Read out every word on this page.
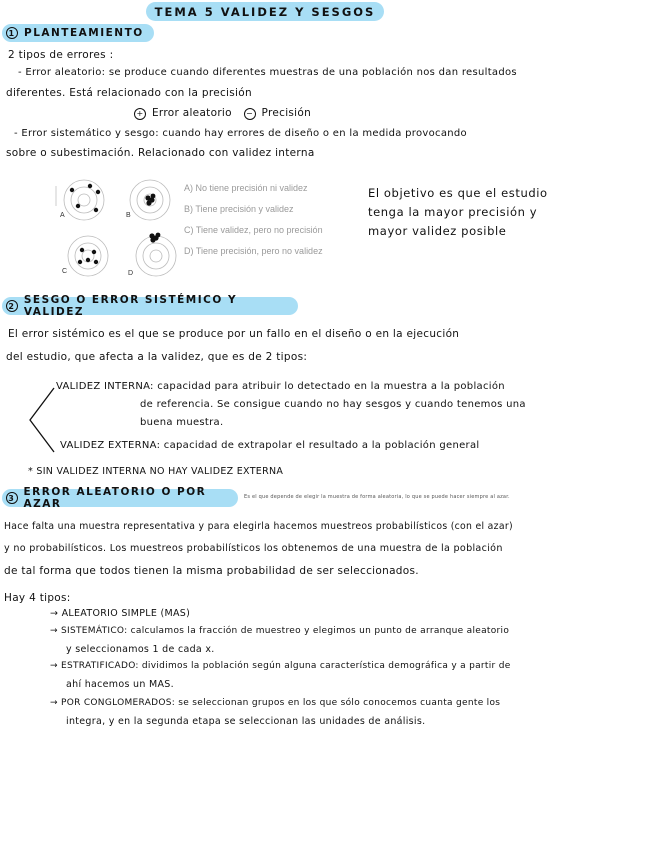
TEMA 5 VALIDEZ Y SESGOS
1 PLANTEAMIENTO
2 tipos de errores :
- Error aleatorio: se produce cuando diferentes muestras de una población nos dan resultados
diferentes. Está relacionado con la precisión
+ Error aleatorio − Precisión
- Error sistemático y sesgo: cuando hay errores de diseño o en la medida provocando
sobre o subestimación. Relacionado con validez interna
A	B
C	D
A) No tiene precisión ni validez
B) Tiene precisión y validez
C) Tiene validez, pero no precisión
D) Tiene precisión, pero no validez
El objetivo es que el estudio
tenga la mayor precisión y
mayor validez posible
2 SESGO O ERROR SISTÉMICO Y VALIDEZ
El error sistémico es el que se produce por un fallo en el diseño o en la ejecución
del estudio, que afecta a la validez, que es de 2 tipos:
VALIDEZ INTERNA: capacidad para atribuir lo detectado en la muestra a la población
de referencia. Se consigue cuando no hay sesgos y cuando tenemos una
buena muestra.
VALIDEZ EXTERNA: capacidad de extrapolar el resultado a la población general
* SIN VALIDEZ INTERNA NO HAY VALIDEZ EXTERNA
3 ERROR ALEATORIO O POR AZAR
Es el que depende de elegir la muestra de forma aleatoria, lo que se puede hacer siempre al azar.
Hace falta una muestra representativa y para elegirla hacemos muestreos probabilísticos (con el azar)
y no probabilísticos. Los muestreos probabilísticos los obtenemos de una muestra de la población
de tal forma que todos tienen la misma probabilidad de ser seleccionados.
Hay 4 tipos:
→ ALEATORIO SIMPLE (MAS)
→ SISTEMÁTICO: calculamos la fracción de muestreo y elegimos un punto de arranque aleatorio
y seleccionamos 1 de cada x.
→ ESTRATIFICADO: dividimos la población según alguna característica demográfica y a partir de
ahí hacemos un MAS.
→ POR CONGLOMERADOS: se seleccionan grupos en los que sólo conocemos cuanta gente los
integra, y en la segunda etapa se seleccionan las unidades de análisis.
